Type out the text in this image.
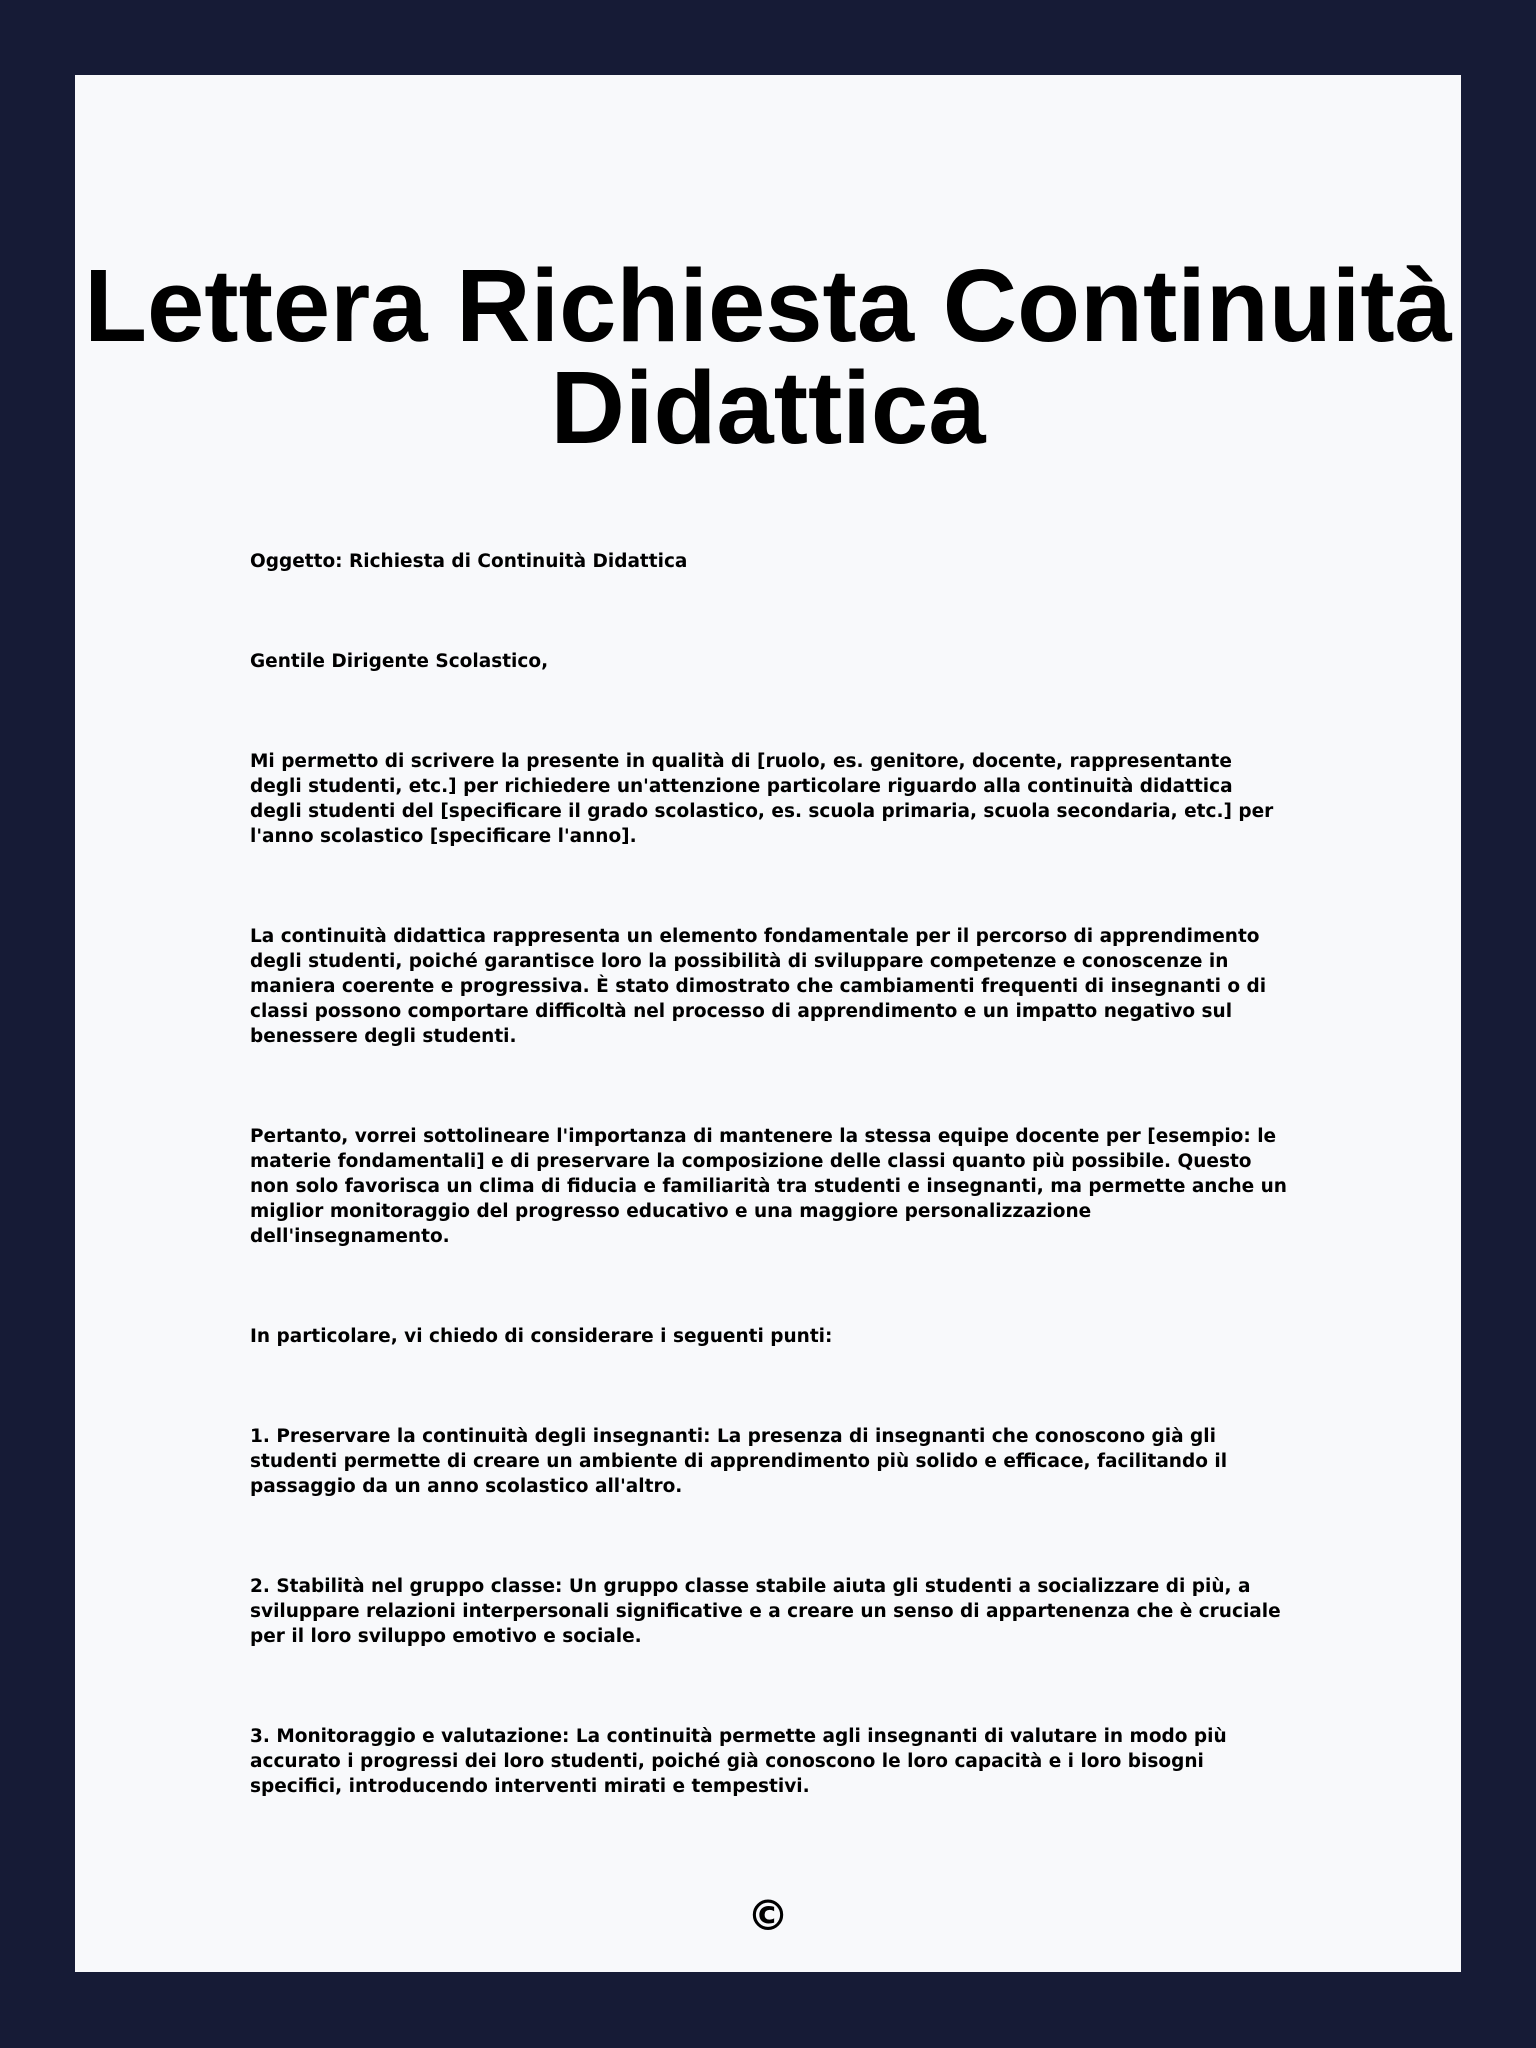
Lettera Richiesta Continuità Didattica

Oggetto: Richiesta di Continuità Didattica

Gentile Dirigente Scolastico,

Mi permetto di scrivere la presente in qualità di [ruolo, es. genitore, docente, rappresentante degli studenti, etc.] per richiedere un'attenzione particolare riguardo alla continuità didattica degli studenti del [specificare il grado scolastico, es. scuola primaria, scuola secondaria, etc.] per l'anno scolastico [specificare l'anno].

La continuità didattica rappresenta un elemento fondamentale per il percorso di apprendimento degli studenti, poiché garantisce loro la possibilità di sviluppare competenze e conoscenze in maniera coerente e progressiva. È stato dimostrato che cambiamenti frequenti di insegnanti o di classi possono comportare difficoltà nel processo di apprendimento e un impatto negativo sul benessere degli studenti.

Pertanto, vorrei sottolineare l'importanza di mantenere la stessa equipe docente per [esempio: le materie fondamentali] e di preservare la composizione delle classi quanto più possibile. Questo non solo favorisca un clima di fiducia e familiarità tra studenti e insegnanti, ma permette anche un miglior monitoraggio del progresso educativo e una maggiore personalizzazione dell'insegnamento.

In particolare, vi chiedo di considerare i seguenti punti:

1. Preservare la continuità degli insegnanti: La presenza di insegnanti che conoscono già gli studenti permette di creare un ambiente di apprendimento più solido e efficace, facilitando il passaggio da un anno scolastico all'altro.

2. Stabilità nel gruppo classe: Un gruppo classe stabile aiuta gli studenti a socializzare di più, a sviluppare relazioni interpersonali significative e a creare un senso di appartenenza che è cruciale per il loro sviluppo emotivo e sociale.

3. Monitoraggio e valutazione: La continuità permette agli insegnanti di valutare in modo più accurato i progressi dei loro studenti, poiché già conoscono le loro capacità e i loro bisogni specifici, introducendo interventi mirati e tempestivi.

©
